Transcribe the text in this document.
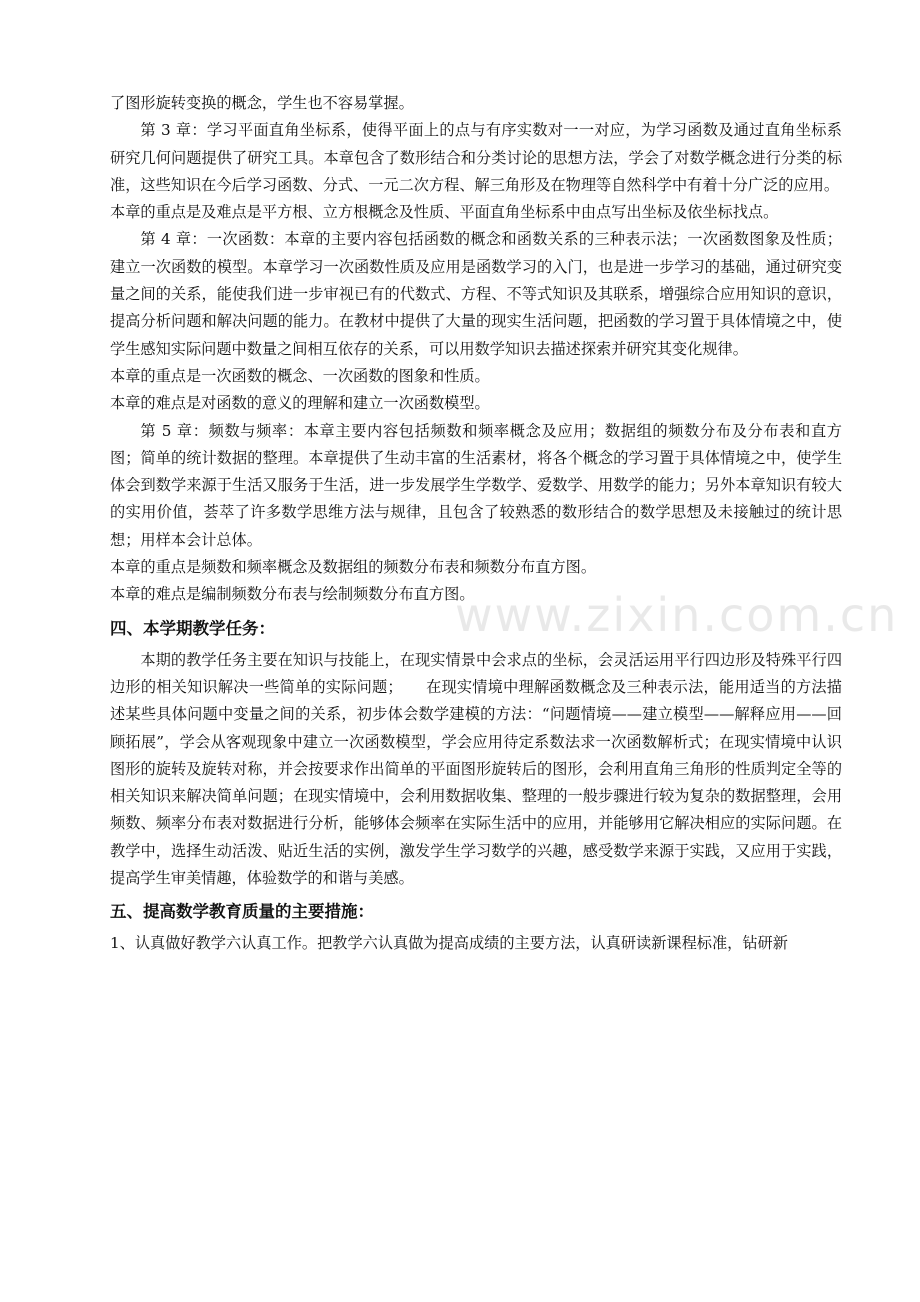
了图形旋转变换的概念，学生也不容易掌握。

第 3 章：学习平面直角坐标系，使得平面上的点与有序实数对一一对应，为学习函数及通过直角坐标系研究几何问题提供了研究工具。本章包含了数形结合和分类讨论的思想方法，学会了对数学概念进行分类的标准，这些知识在今后学习函数、分式、一元二次方程、解三角形及在物理等自然科学中有着十分广泛的应用。

本章的重点是及难点是平方根、立方根概念及性质、平面直角坐标系中由点写出坐标及依坐标找点。

第 4 章：一次函数：本章的主要内容包括函数的概念和函数关系的三种表示法；一次函数图象及性质；建立一次函数的模型。本章学习一次函数性质及应用是函数学习的入门，也是进一步学习的基础，通过研究变量之间的关系，能使我们进一步审视已有的代数式、方程、不等式知识及其联系，增强综合应用知识的意识，提高分析问题和解决问题的能力。在教材中提供了大量的现实生活问题，把函数的学习置于具体情境之中，使学生感知实际问题中数量之间相互依存的关系，可以用数学知识去描述探索并研究其变化规律。

本章的重点是一次函数的概念、一次函数的图象和性质。

本章的难点是对函数的意义的理解和建立一次函数模型。

第 5 章：频数与频率：本章主要内容包括频数和频率概念及应用；数据组的频数分布及分布表和直方图；简单的统计数据的整理。本章提供了生动丰富的生活素材，将各个概念的学习置于具体情境之中，使学生体会到数学来源于生活又服务于生活，进一步发展学生学数学、爱数学、用数学的能力；另外本章知识有较大的实用价值，荟萃了许多数学思维方法与规律，且包含了较熟悉的数形结合的数学思想及未接触过的统计思想；用样本会计总体。

本章的重点是频数和频率概念及数据组的频数分布表和频数分布直方图。

本章的难点是编制频数分布表与绘制频数分布直方图。

四、本学期教学任务：

本期的教学任务主要在知识与技能上，在现实情景中会求点的坐标，会灵活运用平行四边形及特殊平行四边形的相关知识解决一些简单的实际问题；　　在现实情境中理解函数概念及三种表示法，能用适当的方法描述某些具体问题中变量之间的关系，初步体会数学建模的方法：“问题情境——建立模型——解释应用——回顾拓展”，学会从客观现象中建立一次函数模型，学会应用待定系数法求一次函数解析式；在现实情境中认识图形的旋转及旋转对称，并会按要求作出简单的平面图形旋转后的图形，会利用直角三角形的性质判定全等的相关知识来解决简单问题；在现实情境中，会利用数据收集、整理的一般步骤进行较为复杂的数据整理，会用频数、频率分布表对数据进行分析，能够体会频率在实际生活中的应用，并能够用它解决相应的实际问题。在教学中，选择生动活泼、贴近生活的实例，激发学生学习数学的兴趣，感受数学来源于实践，又应用于实践，提高学生审美情趣，体验数学的和谐与美感。

五、提高数学教育质量的主要措施：

1、认真做好教学六认真工作。把教学六认真做为提高成绩的主要方法，认真研读新课程标准，钻研新

www.zixin.com.cn
